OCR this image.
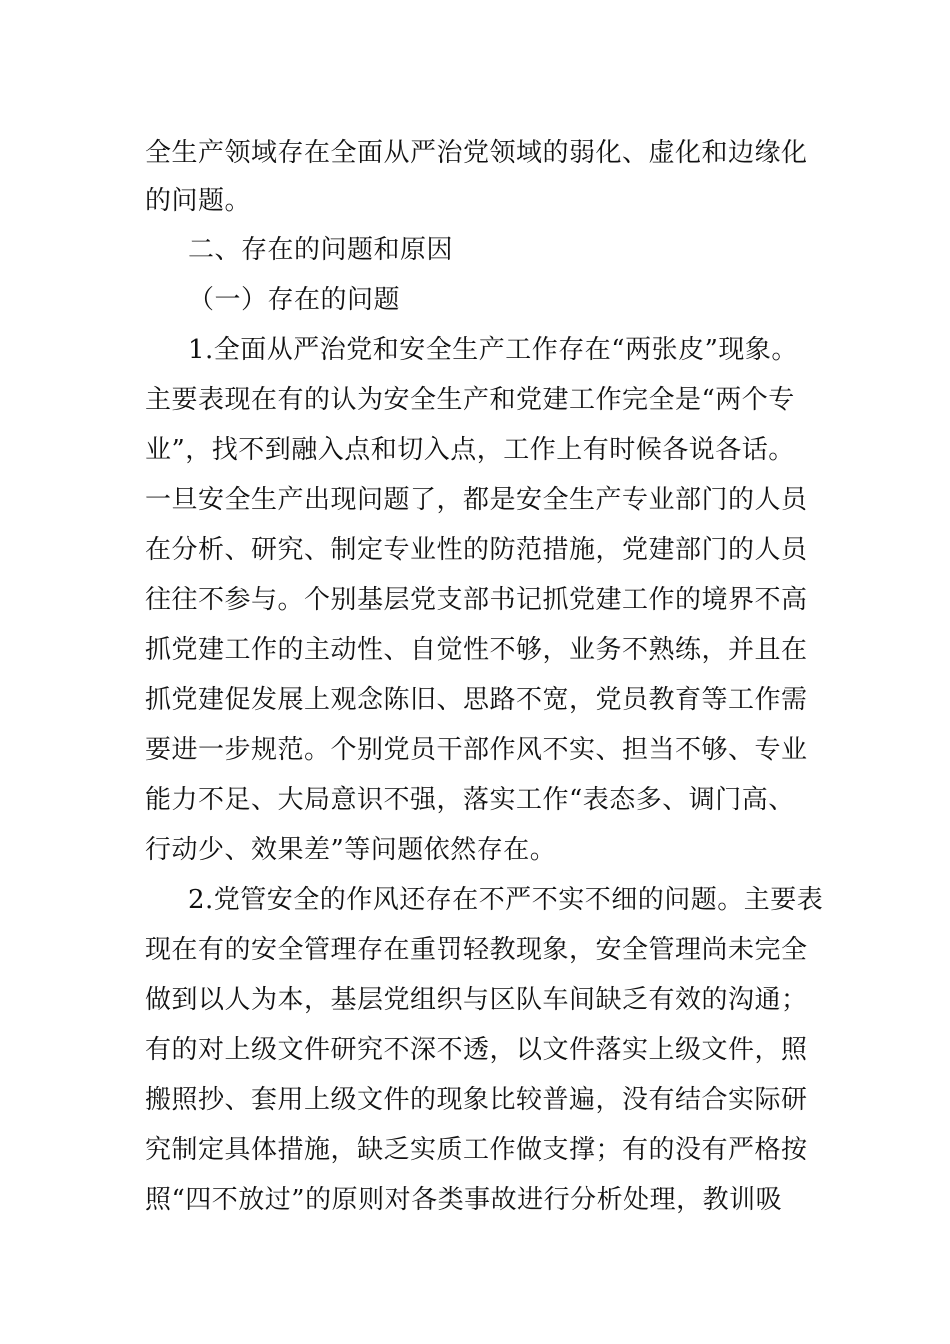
全生产领域存在全面从严治党领域的弱化、虚化和边缘化
的问题。
二、存在的问题和原因
（一）存在的问题
1.全面从严治党和安全生产工作存在“两张皮”现象。
主要表现在有的认为安全生产和党建工作完全是“两个专
业”，找不到融入点和切入点，工作上有时候各说各话。
一旦安全生产出现问题了，都是安全生产专业部门的人员
在分析、研究、制定专业性的防范措施，党建部门的人员
往往不参与。个别基层党支部书记抓党建工作的境界不高
抓党建工作的主动性、自觉性不够，业务不熟练，并且在
抓党建促发展上观念陈旧、思路不宽，党员教育等工作需
要进一步规范。个别党员干部作风不实、担当不够、专业
能力不足、大局意识不强，落实工作“表态多、调门高、
行动少、效果差”等问题依然存在。
2.党管安全的作风还存在不严不实不细的问题。主要表
现在有的安全管理存在重罚轻教现象，安全管理尚未完全
做到以人为本，基层党组织与区队车间缺乏有效的沟通；
有的对上级文件研究不深不透，以文件落实上级文件，照
搬照抄、套用上级文件的现象比较普遍，没有结合实际研
究制定具体措施，缺乏实质工作做支撑；有的没有严格按
照“四不放过”的原则对各类事故进行分析处理，教训吸
